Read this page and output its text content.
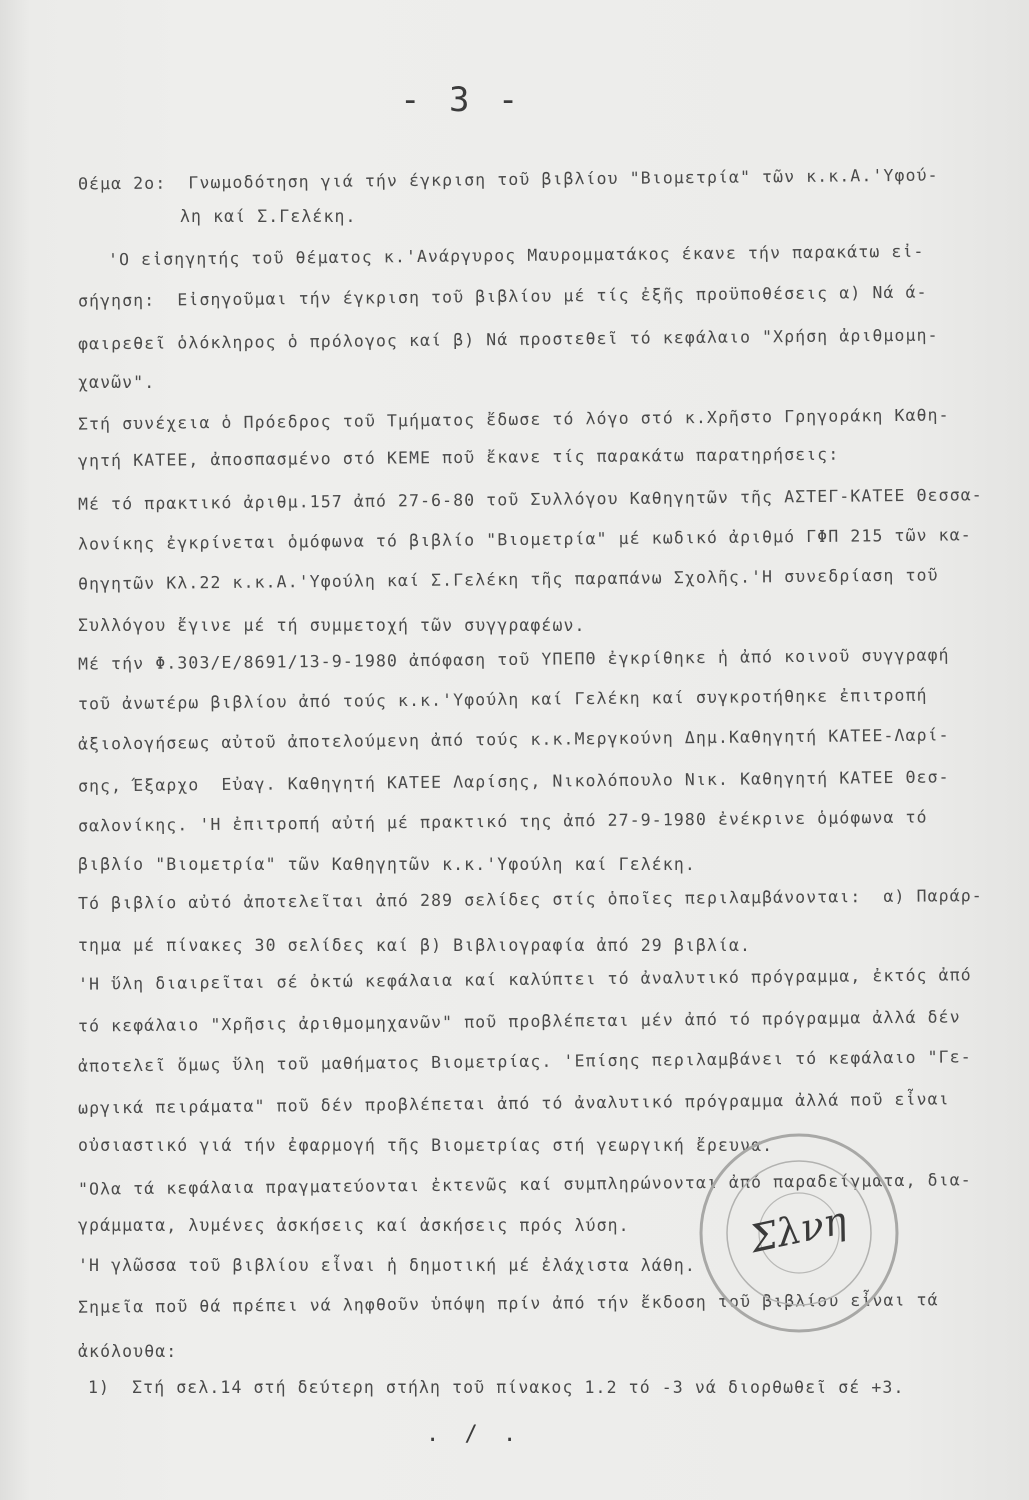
- 3 -
Θέμα 2ο:  Γνωμοδότηση γιά τήν έγκριση τοῦ βιβλίου "Βιομετρία" τῶν κ.κ.Α.'Υφού-
λη καί Σ.Γελέκη.
'Ο εἰσηγητής τοῦ θέματος κ.'Ανάργυρος Μαυρομματάκος έκανε τήν παρακάτω εἰ-
σήγηση:  Εἰσηγοῦμαι τήν έγκριση τοῦ βιβλίου μέ τίς ἐξῆς προϋποθέσεις α) Νά ά-
φαιρεθεῖ ὁλόκληρος ὁ πρόλογος καί β) Νά προστεθεῖ τό κεφάλαιο "Χρήση ἀριθμομη-
χανῶν".
Στή συνέχεια ὁ Πρόεδρος τοῦ Τμήματος ἔδωσε τό λόγο στό κ.Χρῆστο Γρηγοράκη Καθη-
γητή ΚΑΤΕΕ, ἀποσπασμένο στό ΚΕΜΕ ποῦ ἔκανε τίς παρακάτω παρατηρήσεις:
Μέ τό πρακτικό ἀριθμ.157 ἀπό 27-6-80 τοῦ Συλλόγου Καθηγητῶν τῆς ΑΣΤΕΓ-ΚΑΤΕΕ Θεσσα-
λονίκης ἐγκρίνεται ὁμόφωνα τό βιβλίο "Βιομετρία" μέ κωδικό ἀριθμό ΓΦΠ 215 τῶν κα-
θηγητῶν Κλ.22 κ.κ.Α.'Υφούλη καί Σ.Γελέκη τῆς παραπάνω Σχολῆς.'Η συνεδρίαση τοῦ
Συλλόγου ἔγινε μέ τή συμμετοχή τῶν συγγραφέων.
Μέ τήν Φ.303/Ε/8691/13-9-1980 ἀπόφαση τοῦ ΥΠΕΠΘ ἐγκρίθηκε ἡ ἀπό κοινοῦ συγγραφή
τοῦ ἀνωτέρω βιβλίου ἀπό τούς κ.κ.'Υφούλη καί Γελέκη καί συγκροτήθηκε ἐπιτροπή
ἀξιολογήσεως αὐτοῦ ἀποτελούμενη ἀπό τούς κ.κ.Μεργκούνη Δημ.Καθηγητή ΚΑΤΕΕ-Λαρί-
σης, Έξαρχο  Εὐαγ. Καθηγητή ΚΑΤΕΕ Λαρίσης, Νικολόπουλο Νικ. Καθηγητή ΚΑΤΕΕ Θεσ-
σαλονίκης. 'Η ἐπιτροπή αὐτή μέ πρακτικό της ἀπό 27-9-1980 ἐνέκρινε ὁμόφωνα τό
βιβλίο "Βιομετρία" τῶν Καθηγητῶν κ.κ.'Υφούλη καί Γελέκη.
Τό βιβλίο αὐτό ἀποτελεῖται ἀπό 289 σελίδες στίς ὁποῖες περιλαμβάνονται:  α) Παράρ-
τημα μέ πίνακες 30 σελίδες καί β) Βιβλιογραφία ἀπό 29 βιβλία.
'Η ὕλη διαιρεῖται σέ ὀκτώ κεφάλαια καί καλύπτει τό ἀναλυτικό πρόγραμμα, ἐκτός ἀπό
τό κεφάλαιο "Χρῆσις ἀριθμομηχανῶν" ποῦ προβλέπεται μέν ἀπό τό πρόγραμμα ἀλλά δέν
ἀποτελεῖ ὅμως ὕλη τοῦ μαθήματος Βιομετρίας. 'Επίσης περιλαμβάνει τό κεφάλαιο "Γε-
ωργικά πειράματα" ποῦ δέν προβλέπεται ἀπό τό ἀναλυτικό πρόγραμμα ἀλλά ποῦ εἶναι
οὐσιαστικό γιά τήν ἐφαρμογή τῆς Βιομετρίας στή γεωργική ἔρευνα.
"Ολα τά κεφάλαια πραγματεύονται ἐκτενῶς καί συμπληρώνονται ἀπό παραδείγματα, δια-
γράμματα, λυμένες ἀσκήσεις καί ἀσκήσεις πρός λύση.
'Η γλῶσσα τοῦ βιβλίου εἶναι ἡ δημοτική μέ ἐλάχιστα λάθη.
Σημεῖα ποῦ θά πρέπει νά ληφθοῦν ὑπόψη πρίν ἀπό τήν ἔκδοση τοῦ βιβλίου εἶναι τά
ἀκόλουθα:
1)  Στή σελ.14 στή δεύτερη στήλη τοῦ πίνακος 1.2 τό -3 νά διορθωθεῖ σέ +3.
Σλνη
. / .
